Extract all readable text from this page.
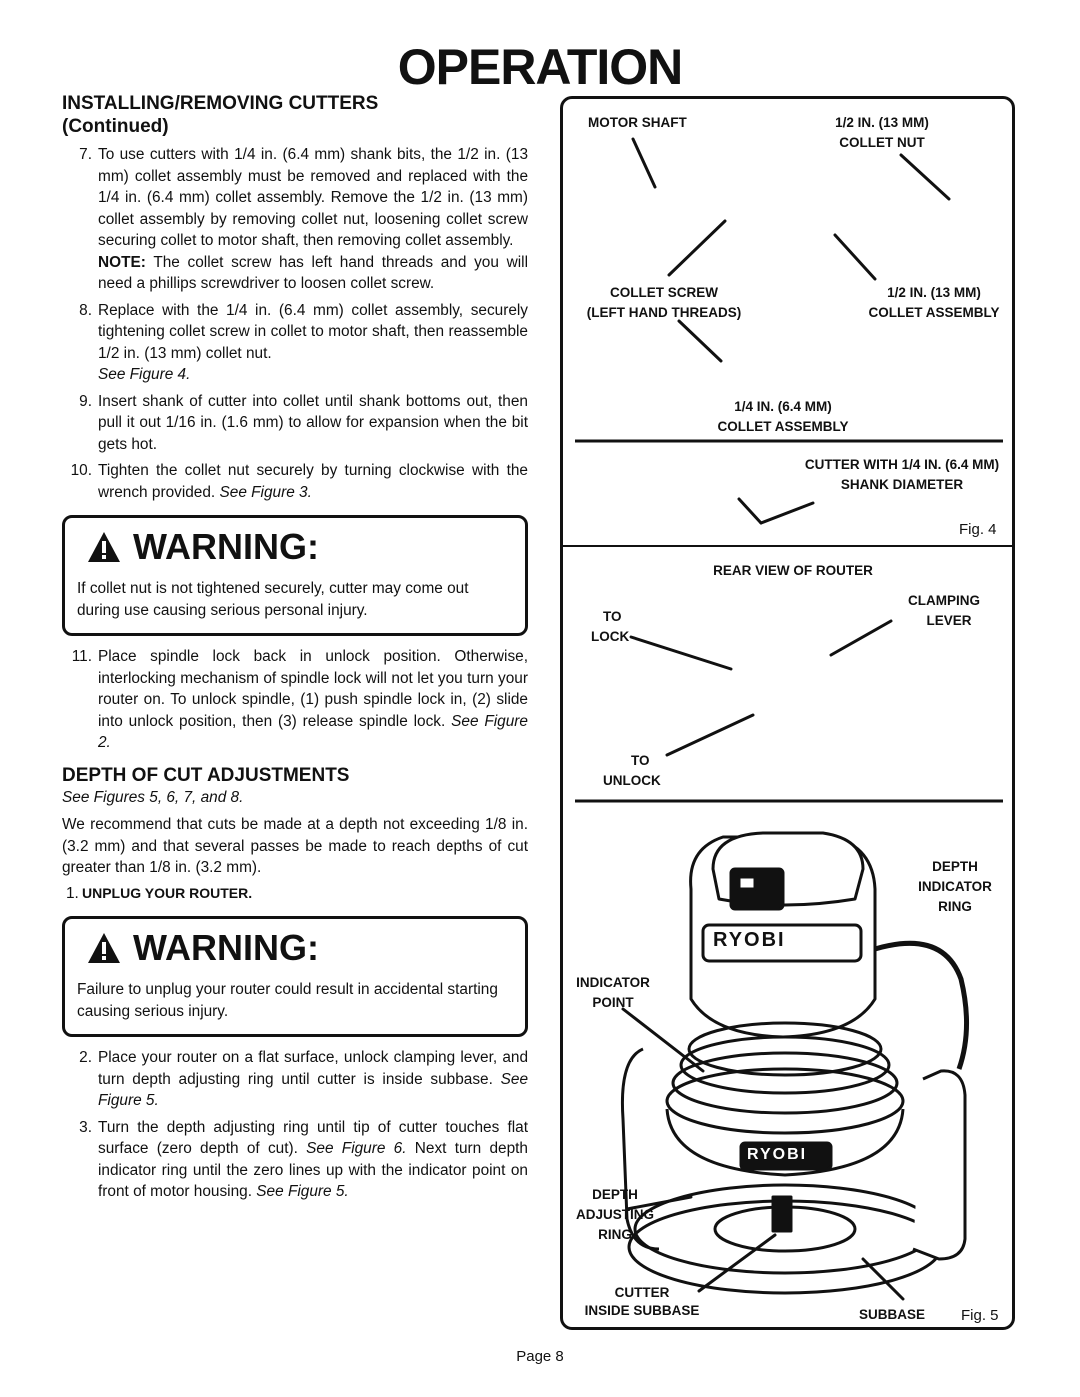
OPERATION

INSTALLING/REMOVING CUTTERS

(Continued)

7. To use cutters with 1/4 in. (6.4 mm) shank bits, the 1/2 in. (13 mm) collet assembly must be removed and replaced with the 1/4 in. (6.4 mm) collet assembly. Remove the 1/2 in. (13 mm) collet assembly by removing collet nut, loosening collet screw securing collet to motor shaft, then removing collet assembly.
NOTE: The collet screw has left hand threads and you will need a phillips screwdriver to loosen collet screw.
8. Replace with the 1/4 in. (6.4 mm) collet assembly, securely tightening collet screw in collet to motor shaft, then reassemble 1/2 in. (13 mm) collet nut.
See Figure 4.
9. Insert shank of cutter into collet until shank bottoms out, then pull it out 1/16 in. (1.6 mm) to allow for expansion when the bit gets hot.
10. Tighten the collet nut securely by turning clockwise with the wrench provided. See Figure 3.
WARNING:
If collet nut is not tightened securely, cutter may come out during use causing serious personal injury.
11. Place spindle lock back in unlock position. Otherwise, interlocking mechanism of spindle lock will not let you turn your router on. To unlock spindle, (1) push spindle lock in, (2) slide into unlock position, then (3) release spindle lock. See Figure 2.

DEPTH OF CUT ADJUSTMENTS

See Figures 5, 6, 7, and 8.
We recommend that cuts be made at a depth not exceeding 1/8 in. (3.2 mm) and that several passes be made to reach depths of cut greater than 1/8 in. (3.2 mm).
1. UNPLUG YOUR ROUTER.
WARNING:
Failure to unplug your router could result in accidental starting causing serious injury.
2. Place your router on a flat surface, unlock clamping lever, and turn depth adjusting ring until cutter is inside subbase. See Figure 5.
3. Turn the depth adjusting ring until tip of cutter touches flat surface (zero depth of cut). See Figure 6. Next turn depth indicator ring until the zero lines up with the indicator point on front of motor housing. See Figure 5.
MOTOR SHAFT	1/2 IN. (13 MM)
COLLET NUT
COLLET SCREW
(LEFT HAND THREADS)
1/2 IN. (13 MM)
COLLET ASSEMBLY
1/4 IN. (6.4 MM)
COLLET ASSEMBLY
CUTTER WITH 1/4 IN. (6.4 MM)
SHANK DIAMETER
Fig. 4
REAR VIEW OF ROUTER
TO
LOCK
CLAMPING
LEVER
TO
UNLOCK
DEPTH
INDICATOR
RING
INDICATOR
POINT
DEPTH
ADJUSTING
RING
CUTTER
INSIDE SUBBASE	SUBBASE
RYOBI
RYOBI
Fig. 5
Page 8
